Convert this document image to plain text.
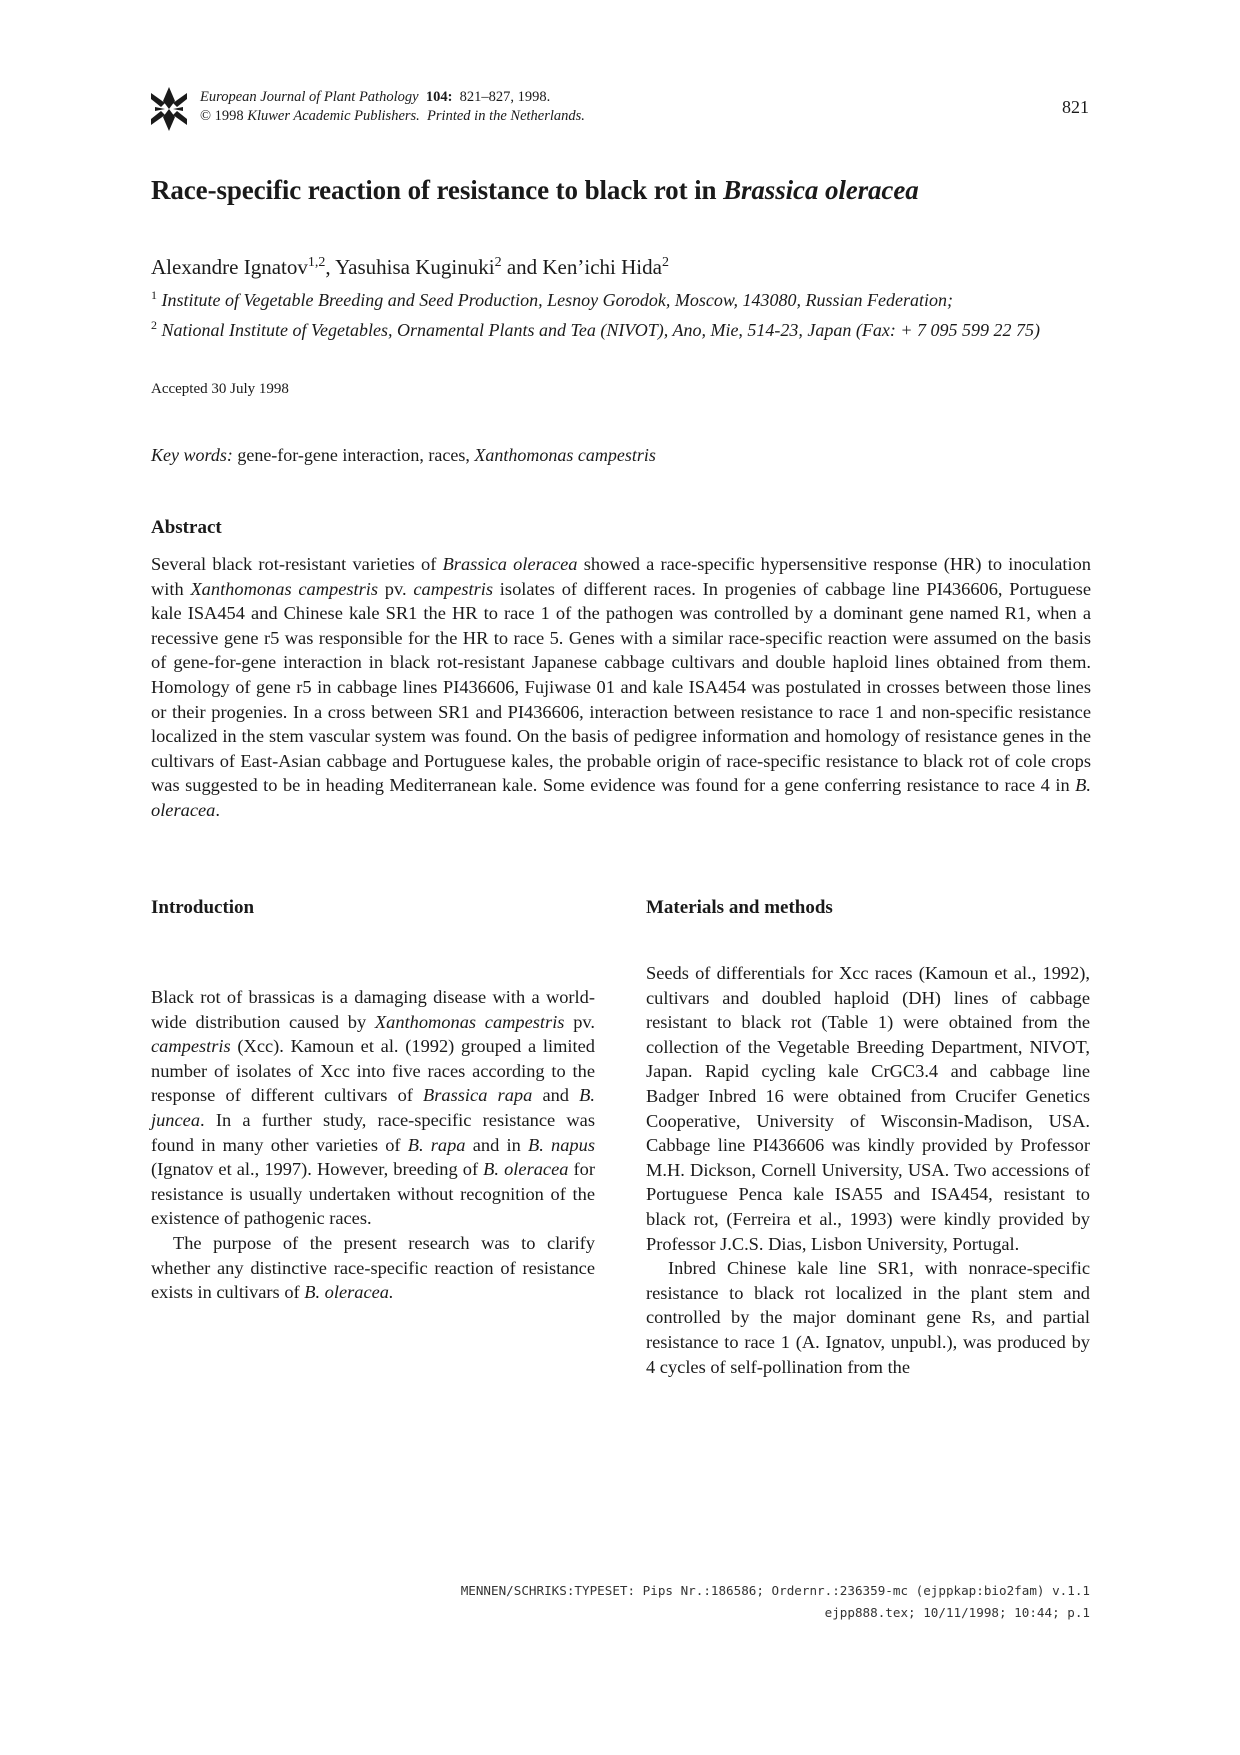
European Journal of Plant Pathology 104: 821–827, 1998.
© 1998 Kluwer Academic Publishers. Printed in the Netherlands.	821
Race-specific reaction of resistance to black rot in Brassica oleracea
Alexandre Ignatov$^{1,2}$, Yasuhisa Kuginuki$^2$ and Ken’ichi Hida$^2$
$^1$ Institute of Vegetable Breeding and Seed Production, Lesnoy Gorodok, Moscow, 143080, Russian Federation;
$^2$ National Institute of Vegetables, Ornamental Plants and Tea (NIVOT), Ano, Mie, 514-23, Japan (Fax: + 7 095 599 22 75)
Accepted 30 July 1998
Key words: gene-for-gene interaction, races, Xanthomonas campestris
Abstract

Several black rot-resistant varieties of Brassica oleracea showed a race-specific hypersensitive response (HR) to inoculation with Xanthomonas campestris pv. campestris isolates of different races. In progenies of cabbage line PI436606, Portuguese kale ISA454 and Chinese kale SR1 the HR to race 1 of the pathogen was controlled by a dominant gene named R1, when a recessive gene r5 was responsible for the HR to race 5. Genes with a similar race-specific reaction were assumed on the basis of gene-for-gene interaction in black rot-resistant Japanese cabbage cultivars and double haploid lines obtained from them. Homology of gene r5 in cabbage lines PI436606, Fujiwase 01 and kale ISA454 was postulated in crosses between those lines or their progenies. In a cross between SR1 and PI436606, interaction between resistance to race 1 and non-specific resistance localized in the stem vascular system was found. On the basis of pedigree information and homology of resistance genes in the cultivars of East-Asian cabbage and Portuguese kales, the probable origin of race-specific resistance to black rot of cole crops was suggested to be in heading Mediterranean kale. Some evidence was found for a gene conferring resistance to race 4 in B. oleracea.

Introduction

Black rot of brassicas is a damaging disease with a world-wide distribution caused by Xanthomonas campestris pv. campestris (Xcc). Kamoun et al. (1992) grouped a limited number of isolates of Xcc into five races according to the response of different cultivars of Brassica rapa and B. juncea. In a further study, race-specific resistance was found in many other varieties of B. rapa and in B. napus (Ignatov et al., 1997). However, breeding of B. oleracea for resistance is usually undertaken without recognition of the existence of pathogenic races.

The purpose of the present research was to clarify whether any distinctive race-specific reaction of resistance exists in cultivars of B. oleracea.

Materials and methods

Seeds of differentials for Xcc races (Kamoun et al., 1992), cultivars and doubled haploid (DH) lines of cabbage resistant to black rot (Table 1) were obtained from the collection of the Vegetable Breeding Department, NIVOT, Japan. Rapid cycling kale CrGC3.4 and cabbage line Badger Inbred 16 were obtained from Crucifer Genetics Cooperative, University of Wisconsin-Madison, USA. Cabbage line PI436606 was kindly provided by Professor M.H. Dickson, Cornell University, USA. Two accessions of Portuguese Penca kale ISA55 and ISA454, resistant to black rot, (Ferreira et al., 1993) were kindly provided by Professor J.C.S. Dias, Lisbon University, Portugal.

Inbred Chinese kale line SR1, with nonrace-specific resistance to black rot localized in the plant stem and controlled by the major dominant gene Rs, and partial resistance to race 1 (A. Ignatov, unpubl.), was produced by 4 cycles of self-pollination from the

MENNEN/SCHRIKS:TYPESET: Pips Nr.:186586; Ordernr.:236359-mc (ejppkap:bio2fam) v.1.1
ejpp888.tex; 10/11/1998; 10:44; p.1
